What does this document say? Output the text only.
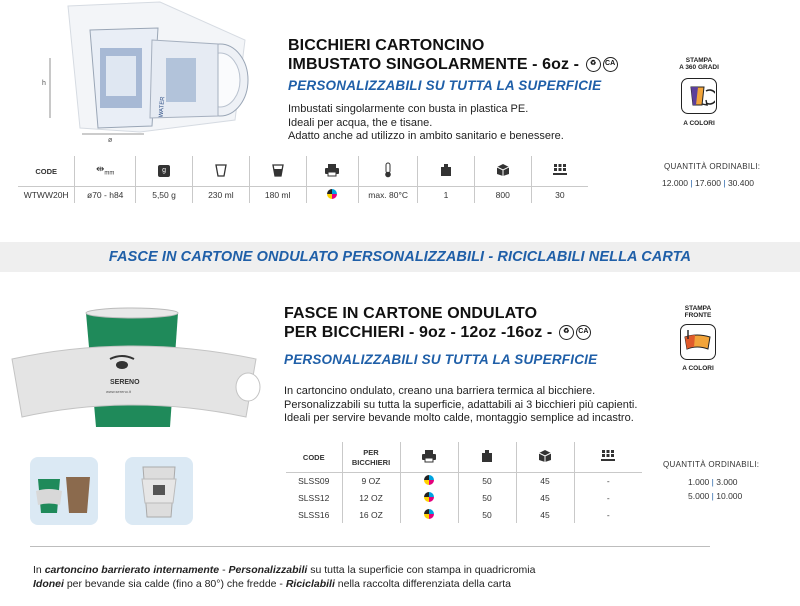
WATER
h
ø
BICCHIERI CARTONCINO
IMBUSTATO SINGOLARMENTE - 6oz - ♻ CA
PERSONALIZZABILI SU TUTTA LA SUPERFICIE
Imbustati singolarmente con busta in plastica PE.
Ideali per acqua, the e tisane.
Adatto anche ad utilizzo in ambito sanitario e benessere.
STAMPA
A 360 GRADI
A COLORI
CODE	$⇹_{mm}$	g							
WTWW20H	ø70 - h84	5,50 g	230 ml	180 ml		max. 80°C	1	800	30
QUANTITÀ ORDINABILI:
12.000 | 17.600 | 30.400
FASCE IN CARTONE ONDULATO PERSONALIZZABILI - RICICLABILI NELLA CARTA
SERENO
www.sereno.it
FASCE IN CARTONE ONDULATO
PER BICCHIERI - 9oz - 12oz -16oz - ♻ CA
PERSONALIZZABILI SU TUTTA LA SUPERFICIE
In cartoncino ondulato, creano una barriera termica al bicchiere.
Personalizzabili su tutta la superficie, adattabili ai 3 bicchieri più capienti.
Ideali per servire bevande molto calde, montaggio semplice ad incastro.
STAMPA
FRONTE
A COLORI
CODE	PER
BICCHIERI				
SLSS09	9 OZ		50	45	-
SLSS12	12 OZ		50	45	-
SLSS16	16 OZ		50	45	-
QUANTITÀ ORDINABILI:
1.000 | 3.000
5.000 | 10.000
In cartoncino barrierato internamente - Personalizzabili su tutta la superficie con stampa in quadricromia
Idonei per bevande sia calde (fino a 80°) che fredde - Riciclabili nella raccolta differenziata della carta
